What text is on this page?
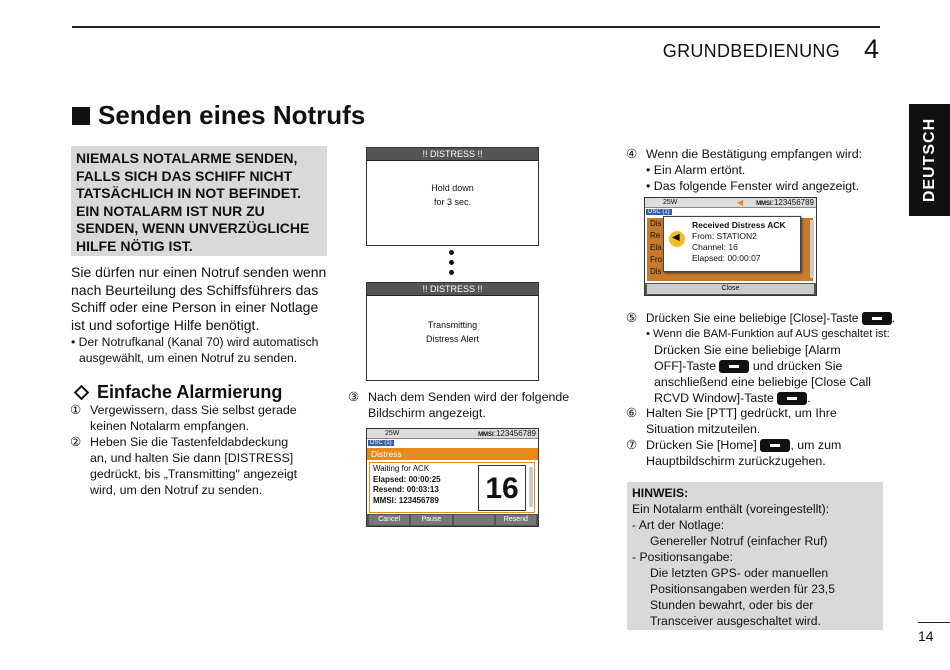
GRUNDBEDIENUNG 4
DEUTSCH
Senden eines Notrufs
NIEMALS NOTALARME SENDEN, FALLS SICH DAS SCHIFF NICHT TATSÄCHLICH IN NOT BEFINDET. EIN NOTALARM IST NUR ZU SENDEN, WENN UNVERZÜGLICHE HILFE NÖTIG IST.
Sie dürfen nur einen Notruf senden wenn
nach Beurteilung des Schiffsführers das
Schiff oder eine Person in einer Notlage
ist und sofortige Hilfe benötigt.
• Der Notrufkanal (Kanal 70) wird automatisch
ausgewählt, um einen Notruf zu senden.
Einfache Alarmierung
① Vergewissern, dass Sie selbst gerade
keinen Notalarm empfangen.
② Heben Sie die Tastenfeldabdeckung
an, und halten Sie dann [DISTRESS]
gedrückt, bis „Transmitting" angezeigt
wird, um den Notruf zu senden.
!! DISTRESS !!
Hold down
for 3 sec.
!! DISTRESS !!
Transmitting
Distress Alert
③ Nach dem Senden wird der folgende
Bildschirm angezeigt.
25W	MMSI:123456789
DSC (1)
Distress
Waiting for ACK
Elapsed: 00:00:25
Resend: 00:03:13
MMSI: 123456789	16
Cancel	Pause	Resend
④ Wenn die Bestätigung empfangen wird:
• Ein Alarm ertönt.
• Das folgende Fenster wird angezeigt.
25W	◀ MMSI:123456789
DSC (1)
Dis
Re
Ela
Fro
Dis
◀
Received Distress ACK
From: STATION2
Channel: 16
Elapsed: 00:00:07
Close
⑤ Drücken Sie eine beliebige [Close]-Taste	.
• Wenn die BAM-Funktion auf AUS geschaltet ist:
Drücken Sie eine beliebige [Alarm
OFF]-Taste	und drücken Sie
anschließend eine beliebige [Close Call
RCVD Window]-Taste	.
⑥ Halten Sie [PTT] gedrückt, um Ihre
Situation mitzuteilen.
⑦ Drücken Sie [Home]	, um zum
Hauptbildschirm zurückzugehen.
HINWEIS:
Ein Notalarm enthält (voreingestellt):
- Art der Notlage:
Genereller Notruf (einfacher Ruf)
- Positionsangabe:
Die letzten GPS- oder manuellen
Positionsangaben werden für 23,5
Stunden bewahrt, oder bis der
Transceiver ausgeschaltet wird.
14
